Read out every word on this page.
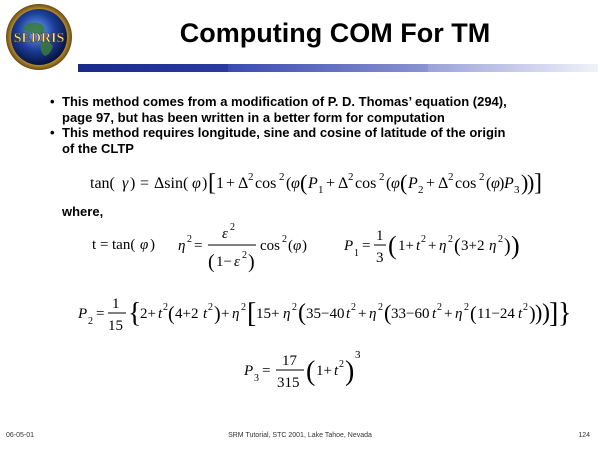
SEDRIS	Computing COM For TM
• This method comes from a modification of P. D. Thomas’ equation (294),
page 97, but has been written in a better form for computation
• This method requires longitude, sine and cosine of latitude of the origin
of the CLTP
tan( γ ) = Δsin( φ ) [ 1 + Δ 2 cos 2 ( φ ( P 1 + Δ 2 cos 2 ( φ ( P 2 + Δ 2 cos 2 ( φ ) P 3 )
) ]
where,
t = tan( φ ) η 2 =
ε 2
( 1− ε 2 )
cos 2 ( φ ) P 1 =
1
3 ( 1+ t 2 + η 2 ( 3+2 η 2 ) )
P 2 =
1
15 {
2+ t 2 ( 4+2 t 2 ) + η 2 [ 15+ η 2 ( 35−40 t 2 + η 2 ( 33−60 t 2 + η 2 ( 11−24 t 2 ) ) ) ] }
P 3 =
17
315 ( 1+ t 2 )
3
06-05-01	SRM Tutorial, STC 2001, Lake Tahoe, Nevada	124
